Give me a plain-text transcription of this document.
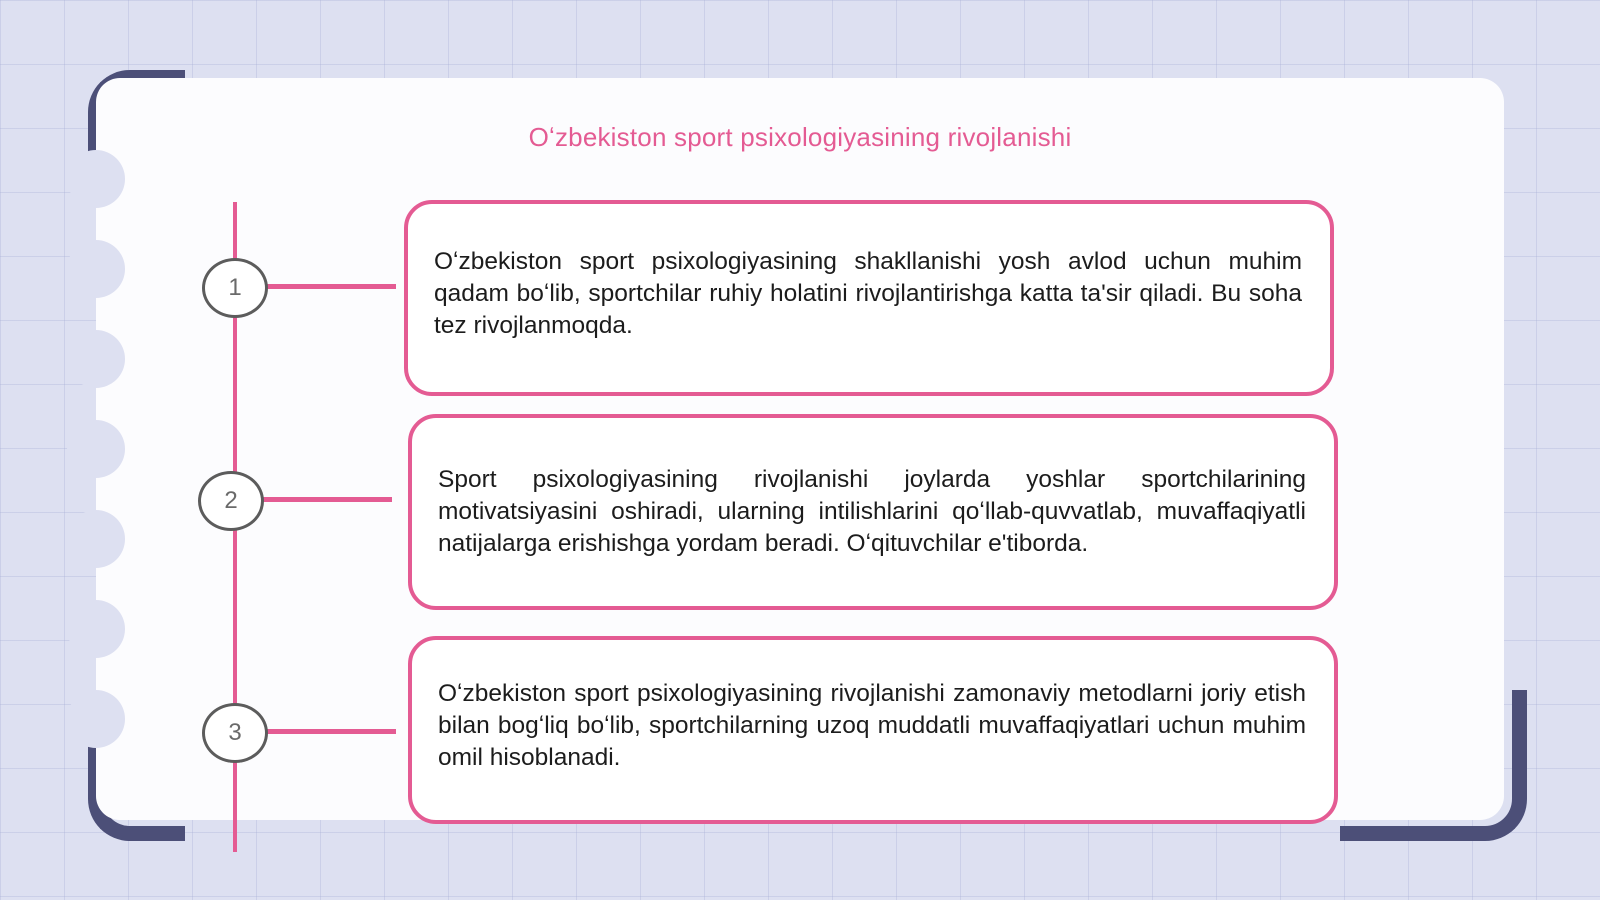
Oʻzbekiston sport psixologiyasining rivojlanishi
1
2
3

Oʻzbekiston sport psixologiyasining shakllanishi yosh avlod uchun muhim qadam boʻlib, sportchilar ruhiy holatini rivojlantirishga katta ta'sir qiladi. Bu soha tez rivojlanmoqda.

Sport psixologiyasining rivojlanishi joylarda yoshlar sportchilarining motivatsiyasini oshiradi, ularning intilishlarini qoʻllab-quvvatlab, muvaffaqiyatli natijalarga erishishga yordam beradi. Oʻqituvchilar e'tiborda.

Oʻzbekiston sport psixologiyasining rivojlanishi zamonaviy metodlarni joriy etish bilan bogʻliq boʻlib, sportchilarning uzoq muddatli muvaffaqiyatlari uchun muhim omil hisoblanadi.
